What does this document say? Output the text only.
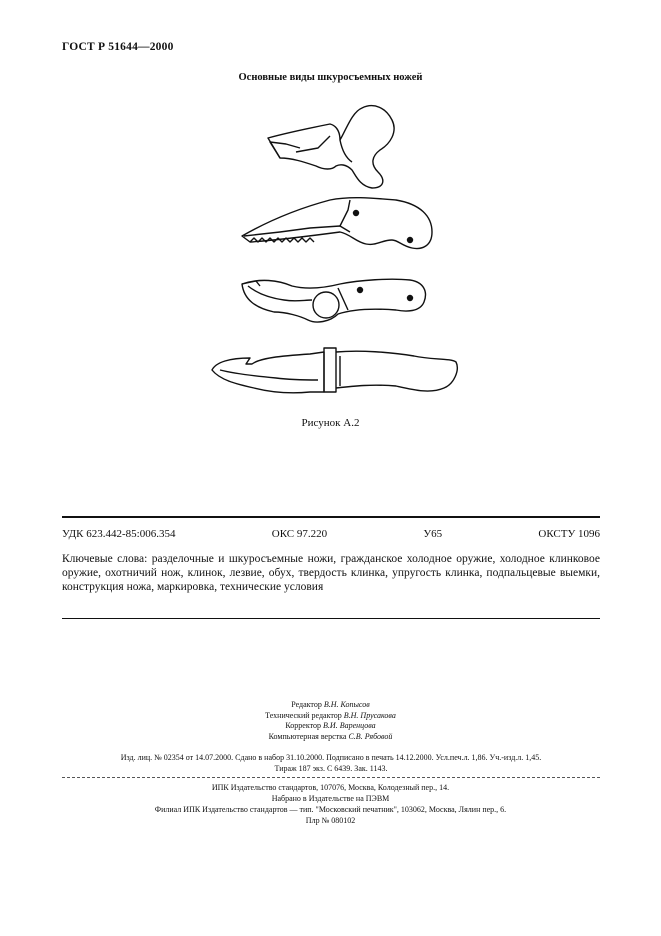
ГОСТ Р 51644—2000
Основные виды шкуросъемных ножей
Рисунок А.2
УДК 623.442-85:006.354	ОКС 97.220	У65	ОКСТУ 1096
Ключевые слова: разделочные и шкуросъемные ножи, гражданское холодное оружие, холодное клинковое оружие, охотничий нож, клинок, лезвие, обух, твердость клинка, упругость клинка, подпальцевые выемки, конструкция ножа, маркировка, технические условия
Редактор В.Н. Копысов
Технический редактор В.Н. Прусакова
Корректор В.И. Варенцова
Компьютерная верстка С.В. Рябовой
Изд. лиц. № 02354 от 14.07.2000. Сдано в набор 31.10.2000. Подписано в печать 14.12.2000. Усл.печ.л. 1,86. Уч.-изд.л. 1,45.
Тираж 187 экз. С 6439. Зак. 1143.
ИПК Издательство стандартов, 107076, Москва, Колодезный пер., 14.
Набрано в Издательстве на ПЭВМ
Филиал ИПК Издательство стандартов — тип. "Московский печатник", 103062, Москва, Лялин пер., 6.
Плр № 080102
